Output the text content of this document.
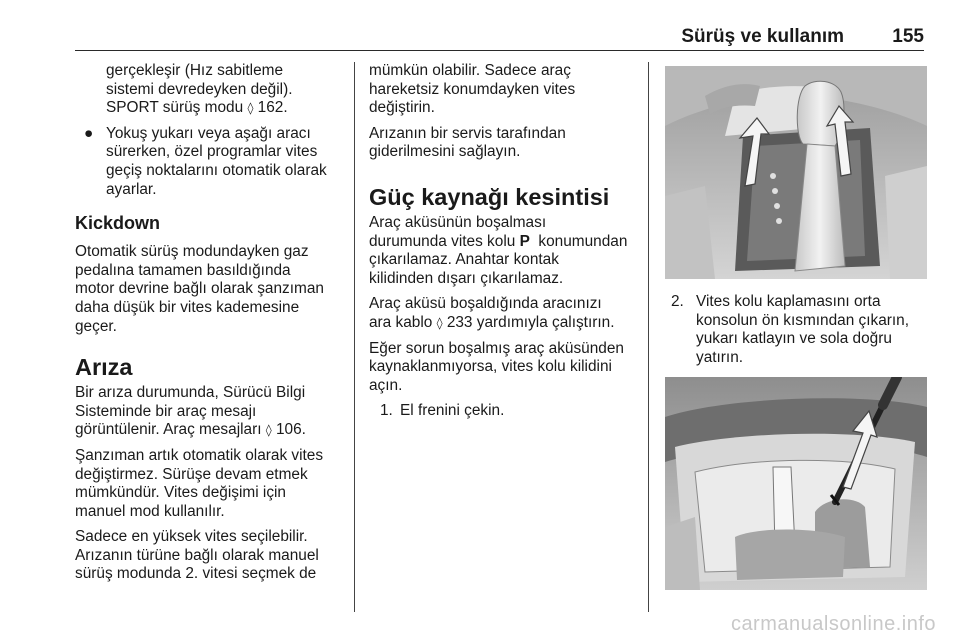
Sürüş ve kullanım	155
gerçekleşir (Hız sabitleme
sistemi devredeyken değil).
SPORT sürüş modu ◊ 162.
● Yokuş yukarı veya aşağı aracı
sürerken, özel programlar vites
geçiş noktalarını otomatik olarak
ayarlar.
Kickdown

Otomatik sürüş modundayken gaz
pedalına tamamen basıldığında
motor devrine bağlı olarak şanzıman
daha düşük bir vites kademesine
geçer.

Arıza

Bir arıza durumunda, Sürücü Bilgi
Sisteminde bir araç mesajı
görüntülenir. Araç mesajları ◊ 106.

Şanzıman artık otomatik olarak vites
değiştirmez. Sürüşe devam etmek
mümkündür. Vites değişimi için
manuel mod kullanılır.

Sadece en yüksek vites seçilebilir.
Arızanın türüne bağlı olarak manuel
sürüş modunda 2. vitesi seçmek de

mümkün olabilir. Sadece araç
hareketsiz konumdayken vites
değiştirin.

Arızanın bir servis tarafından
giderilmesini sağlayın.

Güç kaynağı kesintisi

Araç aküsünün boşalması
durumunda vites kolu P  konumundan
çıkarılamaz. Anahtar kontak
kilidinden dışarı çıkarılamaz.

Araç aküsü boşaldığında aracınızı
ara kablo ◊ 233 yardımıyla çalıştırın.

Eğer sorun boşalmış araç aküsünden
kaynaklanmıyorsa, vites kolu kilidini
açın.

1. El frenini çekin.
2. Vites kolu kaplamasını orta
konsolun ön kısmından çıkarın,
yukarı katlayın ve sola doğru
yatırın.
carmanualsonline.info
